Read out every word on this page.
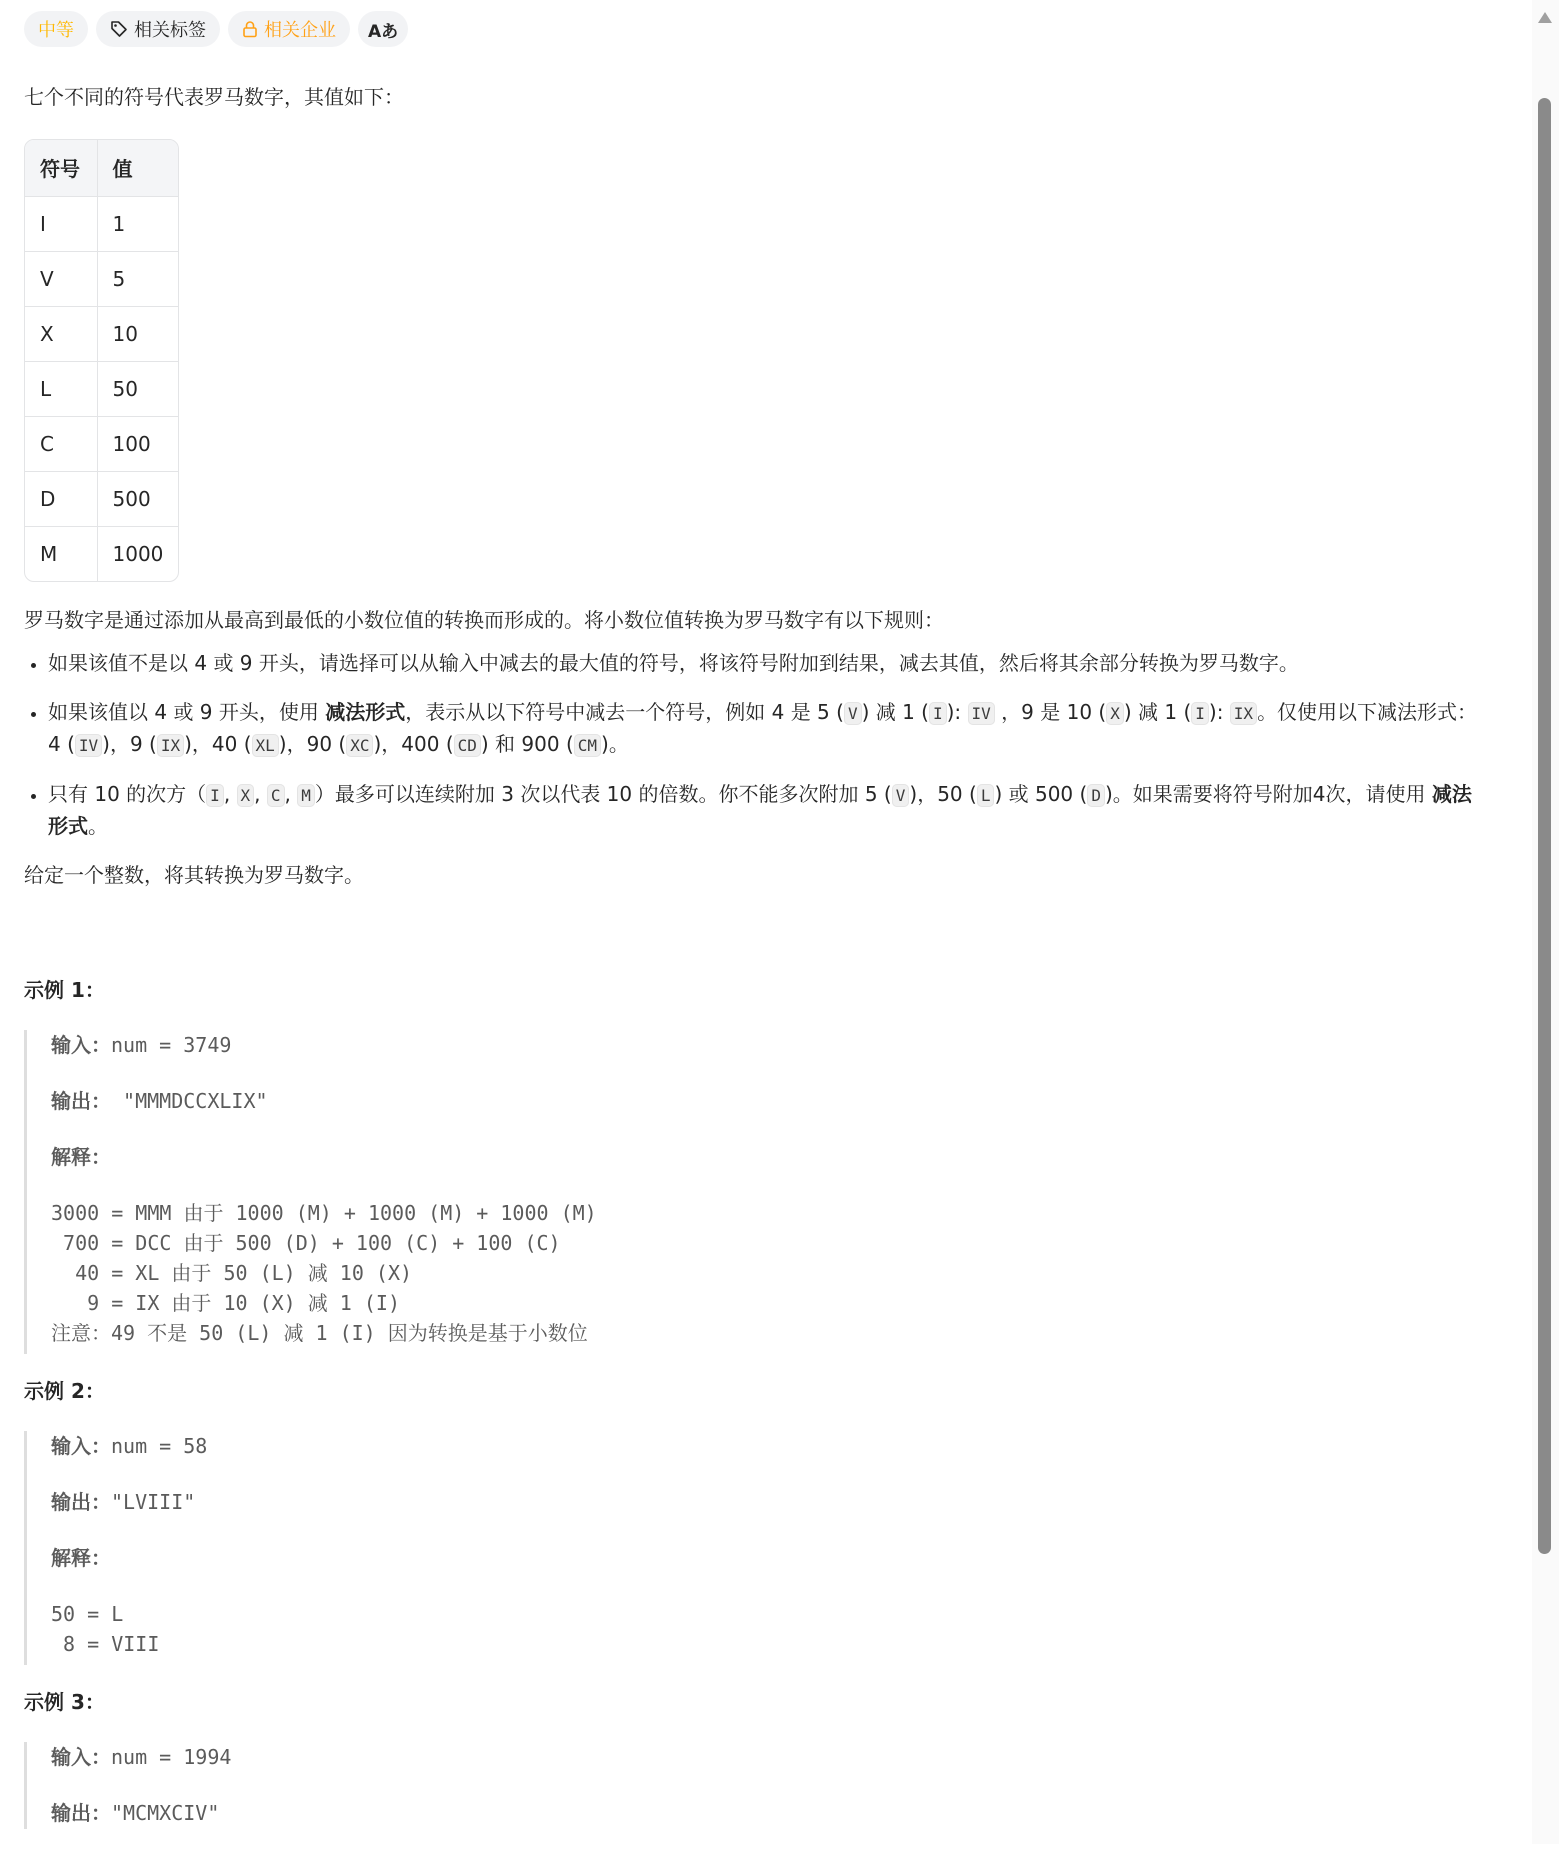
中等	相关标签	相关企业 Aあ

七个不同的符号代表罗马数字，其值如下：

符号	值
I	1
V	5
X	10
L	50
C	100
D	500
M	1000

罗马数字是通过添加从最高到最低的小数位值的转换而形成的。将小数位值转换为罗马数字有以下规则：

• 如果该值不是以 4 或 9 开头，请选择可以从输入中减去的最大值的符号，将该符号附加到结果，减去其值，然后将其余部分转换为罗马数字。
• 如果该值以 4 或 9 开头，使用 减法形式，表示从以下符号中减去一个符号，例如 4 是 5 ( V ) 减 1 ( I ): IV ，9 是 10 ( X ) 减 1 ( I ): IX 。仅使用以下减法形式：4 ( IV )，9 ( IX )，40 ( XL )，90 ( XC )，400 ( CD ) 和 900 ( CM )。
• 只有 10 的次方（ I , X , C , M ）最多可以连续附加 3 次以代表 10 的倍数。你不能多次附加 5 ( V )，50 ( L ) 或 500 ( D )。如果需要将符号附加4次，请使用 减法形式。

给定一个整数，将其转换为罗马数字。

示例 1：
输入：num = 3749
输出： "MMMDCCXLIX"
解释：
3000 = MMM 由于 1000 (M) + 1000 (M) + 1000 (M)
700 = DCC 由于 500 (D) + 100 (C) + 100 (C)
40 = XL 由于 50 (L) 减 10 (X)
9 = IX 由于 10 (X) 减 1 (I)
注意：49 不是 50 (L) 减 1 (I) 因为转换是基于小数位
示例 2：
输入：num = 58
输出："LVIII"
解释：
50 = L
8 = VIII
示例 3：
输入：num = 1994
输出："MCMXCIV"
